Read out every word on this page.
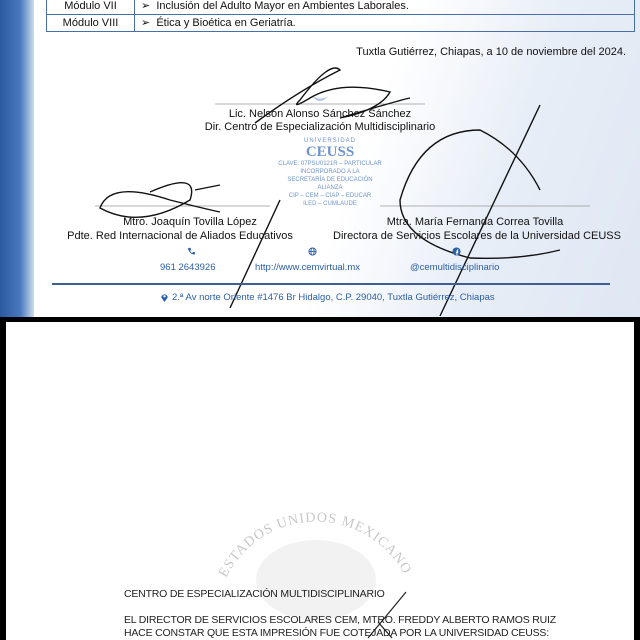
Módulo VII	➢  Inclusión del Adulto Mayor en Ambientes Laborales.
Módulo VIII	➢  Ética y Bioética en Geriatría.
Tuxtla Gutiérrez, Chiapas, a 10 de noviembre del 2024.
Lic. Nelson Alonso Sánchez Sánchez
Dir. Centro de Especialización Multidisciplinario
UNIVERSIDAD
CEUSS
CLAVE: 07PSU0121R – PARTICULAR
INCORPORADO A LA
SECRETARÍA DE EDUCACIÓN
ALIANZA
CIP – CEM – CIAP – EDUCAR
ILED – CUMLAUDE
Mtro. Joaquín Tovilla López
Pdte. Red Internacional de Aliados Educativos
Mtra. María Fernanda Correa Tovilla
Directora de Servicios Escolares de la Universidad CEUSS
961 2643926	http://www.cemvirtual.mx	@cemultidisciplinario
2.ª Av norte Oriente #1476 Br Hidalgo, C.P. 29040, Tuxtla Gutiérrez, Chiapas
ESTADOS UNIDOS MEXICANOS
CENTRO DE ESPECIALIZACIÓN MULTIDISCIPLINARIO
EL DIRECTOR DE SERVICIOS ESCOLARES CEM, MTRO. FREDDY ALBERTO RAMOS RUIZ
HACE CONSTAR QUE ESTA IMPRESIÓN FUE COTEJADA POR LA UNIVERSIDAD CEUSS:
